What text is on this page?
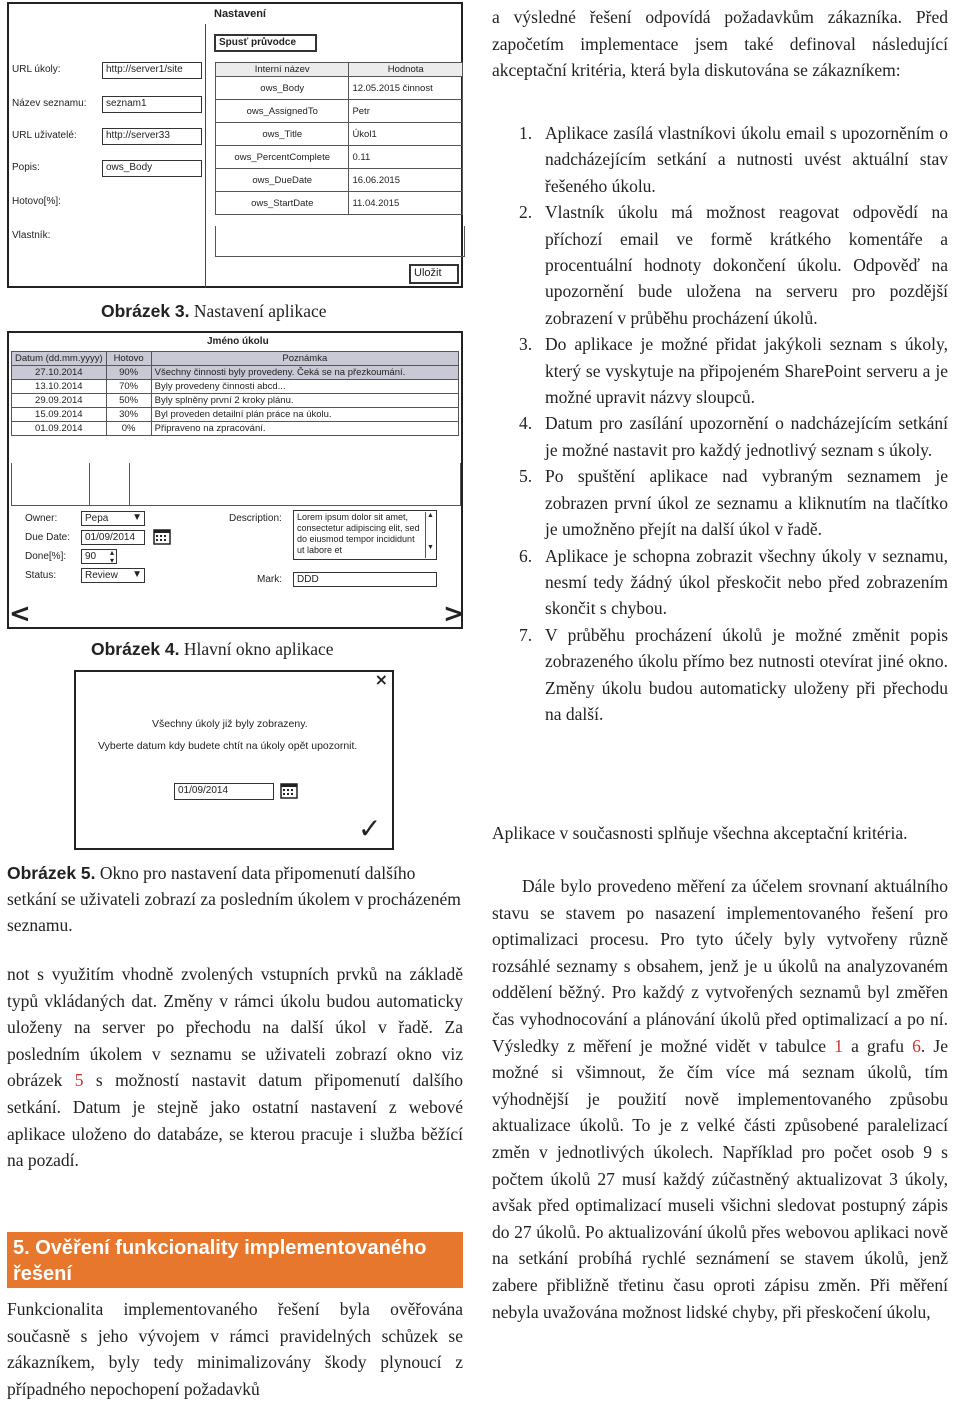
Nastavení
Spusť průvodce
URL úkoly:	http://server1/site
Název seznamu:	seznam1
URL uživatelé:	http://server33
Popis:	ows_Body
Hotovo[%]:
Vlastník:
Interní název	Hodnota
ows_Body	12.05.2015 činnost
ows_AssignedTo	Petr
ows_Title	Úkol1
ows_PercentComplete	0.11
ows_DueDate	16.06.2015
ows_StartDate	11.04.2015
Uložit
Obrázek 3. Nastavení aplikace
Jméno úkolu
Datum (dd.mm.yyyy)	Hotovo	Poznámka
27.10.2014	90%	Všechny činnosti byly provedeny. Čeká se na přezkoumání.
13.10.2014	70%	Byly provedeny činnosti abcd...
29.09.2014	50%	Byly splněny první 2 kroky plánu.
15.09.2014	30%	Byl proveden detailní plán práce na úkolu.
01.09.2014	0%	Připraveno na zpracování.
Owner:	Pepa ▼
Due Date:	01/09/2014
Done[%]:	90 ▴
▾
Status:	Review ▼
Description:	Lorem ipsum dolor sit amet, consectetur adipiscing elit, sed do eiusmod tempor incididunt ut labore et
▲

▼
Mark:	DDD
<	>
Obrázek 4. Hlavní okno aplikace
×
Všechny úkoly již byly zobrazeny.
Vyberte datum kdy budete chtít na úkoly opět upozornit.
01/09/2014
✓
Obrázek 5. Okno pro nastavení data připomenutí dalšího setkání se uživateli zobrazí za posledním úkolem v procházeném seznamu.

not s využitím vhodně zvolených vstupních prvků na základě typů vkládaných dat. Změny v rámci úkolu budou automaticky uloženy na server po přechodu na další úkol v řadě. Za posledním úkolem v seznamu se uživateli zobrazí okno viz obrázek 5 s možností nastavit datum připomenutí dalšího setkání. Datum je stejně jako ostatní nastavení z webové aplikace uloženo do databáze, se kterou pracuje i služba běžící na pozadí.

5. Ověření funkcionality implementovaného řešení

Funkcionalita implementovaného řešení byla ověřována současně s jeho vývojem v rámci pravidelných schůzek se zákazníkem, byly tedy minimalizovány škody plynoucí z případného nepochopení požadavků

a výsledné řešení odpovídá požadavkům zákazníka. Před započetím implementace jsem také definoval následující akceptační kritéria, která byla diskutována se zákazníkem:

1. Aplikace zasílá vlastníkovi úkolu email s upozorněním o nadcházejícím setkání a nutnosti uvést aktuální stav řešeného úkolu.
2. Vlastník úkolu má možnost reagovat odpovědí na příchozí email ve formě krátkého komentáře a procentuální hodnoty dokončení úkolu. Odpověď na upozornění bude uložena na serveru pro pozdější zobrazení v průběhu procházení úkolů.
3. Do aplikace je možné přidat jakýkoli seznam s úkoly, který se vyskytuje na připojeném SharePoint serveru a je možné upravit názvy sloupců.
4. Datum pro zasílání upozornění o nadcházejícím setkání je možné nastavit pro každý jednotlivý seznam s úkoly.
5. Po spuštění aplikace nad vybraným seznamem je zobrazen první úkol ze seznamu a kliknutím na tlačítko je umožněno přejít na další úkol v řadě.
6. Aplikace je schopna zobrazit všechny úkoly v seznamu, nesmí tedy žádný úkol přeskočit nebo před zobrazením skončit s chybou.
7. V průběhu procházení úkolů je možné změnit popis zobrazeného úkolu přímo bez nutnosti otevírat jiné okno. Změny úkolu budou automaticky uloženy při přechodu na další.

Aplikace v současnosti splňuje všechna akceptační kritéria.

Dále bylo provedeno měření za účelem srovnaní aktuálního stavu se stavem po nasazení implementovaného řešení pro optimalizaci procesu. Pro tyto účely byly vytvořeny různě rozsáhlé seznamy s obsahem, jenž je u úkolů na analyzovaném oddělení běžný. Pro každý z vytvořených seznamů byl změřen čas vyhodnocování a plánování úkolů před optimalizací a po ní. Výsledky z měření je možné vidět v tabulce 1 a grafu 6. Je možné si všimnout, že čím více má seznam úkolů, tím výhodnější je použití nově implementovaného způsobu aktualizace úkolů. To je z velké části způsobené paralelizací změn v jednotlivých úkolech. Například pro počet osob 9 s počtem úkolů 27 musí každý zúčastněný aktualizovat 3 úkoly, avšak před optimalizací museli všichni sledovat postupný zápis do 27 úkolů. Po aktualizování úkolů přes webovou aplikaci nově na setkání probíhá rychlé seznámení se stavem úkolů, jenž zabere přibližně třetinu času oproti zápisu změn. Při měření nebyla uvažována možnost lidské chyby, při přeskočení úkolu,
